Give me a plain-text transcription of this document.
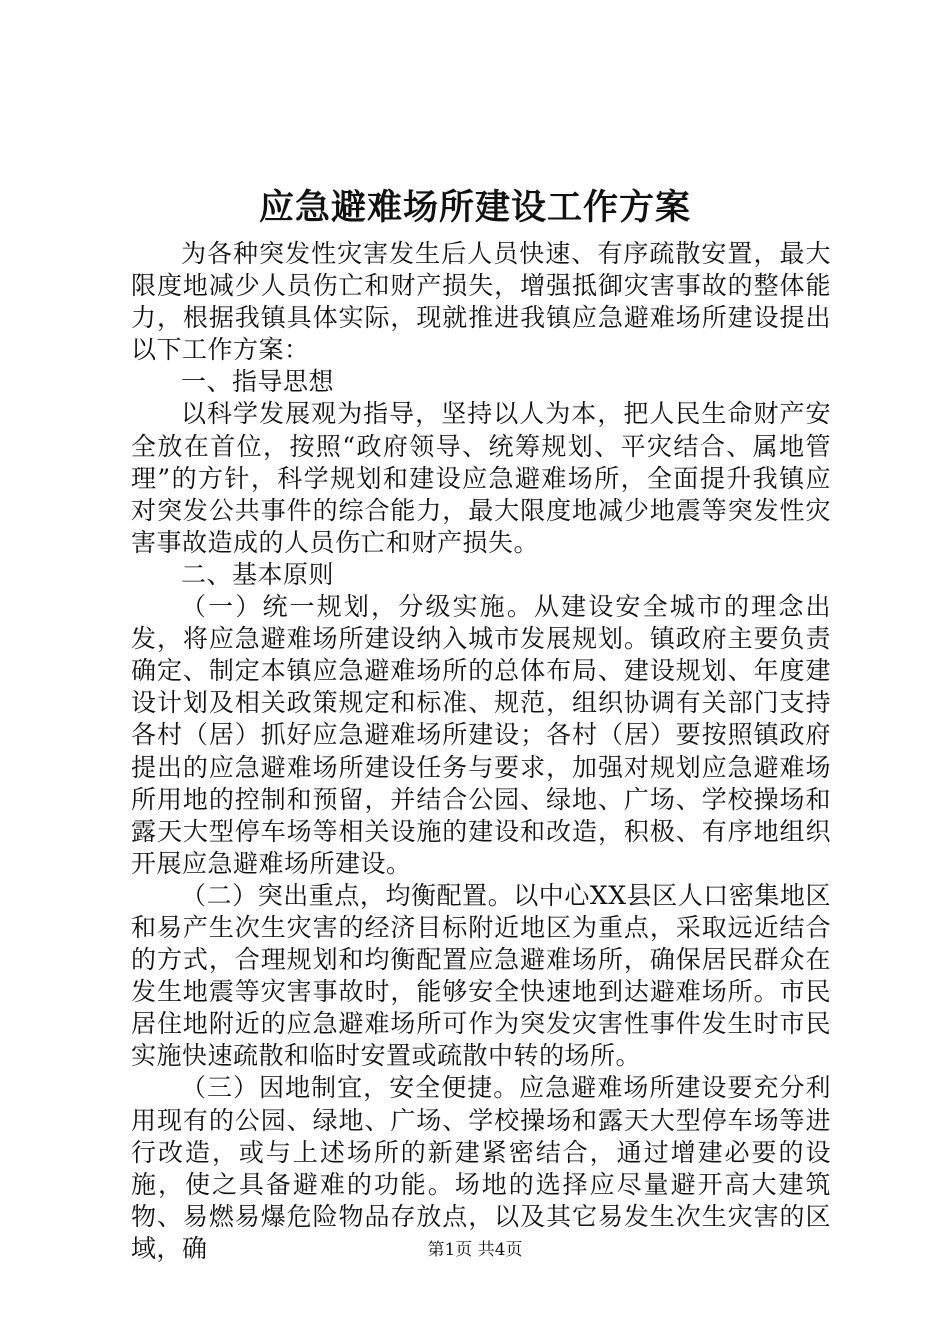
应急避难场所建设工作方案

为各种突发性灾害发生后人员快速、有序疏散安置，最大限度地减少人员伤亡和财产损失，增强抵御灾害事故的整体能力，根据我镇具体实际，现就推进我镇应急避难场所建设提出以下工作方案：

一、指导思想

以科学发展观为指导，坚持以人为本，把人民生命财产安全放在首位，按照“政府领导、统筹规划、平灾结合、属地管理”的方针，科学规划和建设应急避难场所，全面提升我镇应对突发公共事件的综合能力，最大限度地减少地震等突发性灾害事故造成的人员伤亡和财产损失。

二、基本原则

（一）统一规划，分级实施。从建设安全城市的理念出发，将应急避难场所建设纳入城市发展规划。镇政府主要负责确定、制定本镇应急避难场所的总体布局、建设规划、年度建设计划及相关政策规定和标准、规范，组织协调有关部门支持各村（居）抓好应急避难场所建设；各村（居）要按照镇政府提出的应急避难场所建设任务与要求，加强对规划应急避难场所用地的控制和预留，并结合公园、绿地、广场、学校操场和露天大型停车场等相关设施的建设和改造，积极、有序地组织开展应急避难场所建设。

（二）突出重点，均衡配置。以中心XX县区人口密集地区和易产生次生灾害的经济目标附近地区为重点，采取远近结合的方式，合理规划和均衡配置应急避难场所，确保居民群众在发生地震等灾害事故时，能够安全快速地到达避难场所。市民居住地附近的应急避难场所可作为突发灾害性事件发生时市民实施快速疏散和临时安置或疏散中转的场所。

（三）因地制宜，安全便捷。应急避难场所建设要充分利用现有的公园、绿地、广场、学校操场和露天大型停车场等进行改造，或与上述场所的新建紧密结合，通过增建必要的设施，使之具备避难的功能。场地的选择应尽量避开高大建筑物、易燃易爆危险物品存放点，以及其它易发生次生灾害的区域，确	第1页 共4页
